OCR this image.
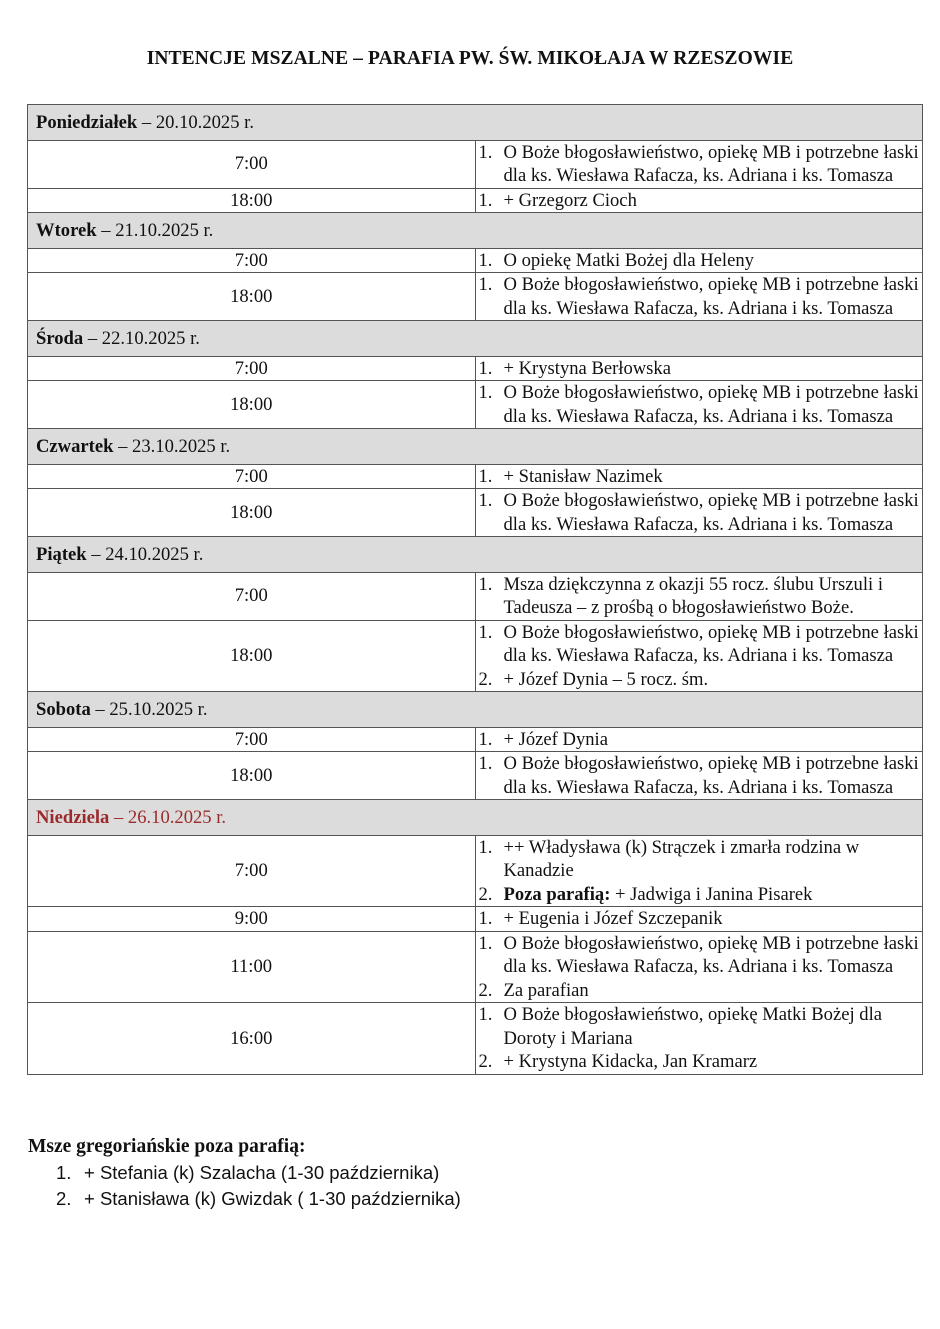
INTENCJE MSZALNE – PARAFIA PW. ŚW. MIKOŁAJA W RZESZOWIE
Poniedziałek – 20.10.2025 r.	
7:00	1. O Boże błogosławieństwo, opiekę MB i potrzebne łaski dla ks. Wiesława Rafacza, ks. Adriana i ks. Tomasza

18:00	1. + Grzegorz Cioch

Wtorek – 21.10.2025 r.	
7:00	1. O opiekę Matki Bożej dla Heleny

18:00	1. O Boże błogosławieństwo, opiekę MB i potrzebne łaski dla ks. Wiesława Rafacza, ks. Adriana i ks. Tomasza

Środa – 22.10.2025 r.	
7:00	1. + Krystyna Berłowska

18:00	1. O Boże błogosławieństwo, opiekę MB i potrzebne łaski dla ks. Wiesława Rafacza, ks. Adriana i ks. Tomasza

Czwartek – 23.10.2025 r.	
7:00	1. + Stanisław Nazimek

18:00	1. O Boże błogosławieństwo, opiekę MB i potrzebne łaski dla ks. Wiesława Rafacza, ks. Adriana i ks. Tomasza

Piątek – 24.10.2025 r.	
7:00	1. Msza dziękczynna z okazji 55 rocz. ślubu Urszuli i Tadeusza – z prośbą o błogosławieństwo Boże.

18:00	1. O Boże błogosławieństwo, opiekę MB i potrzebne łaski dla ks. Wiesława Rafacza, ks. Adriana i ks. Tomasza
2. + Józef Dynia – 5 rocz. śm.

Sobota – 25.10.2025 r.	
7:00	1. + Józef Dynia

18:00	1. O Boże błogosławieństwo, opiekę MB i potrzebne łaski dla ks. Wiesława Rafacza, ks. Adriana i ks. Tomasza

Niedziela – 26.10.2025 r.	
7:00	1. ++ Władysława (k) Strączek i zmarła rodzina w Kanadzie
2. Poza parafią: + Jadwiga i Janina Pisarek

9:00	1. + Eugenia i Józef Szczepanik

11:00	1. O Boże błogosławieństwo, opiekę MB i potrzebne łaski dla ks. Wiesława Rafacza, ks. Adriana i ks. Tomasza
2. Za parafian

16:00	1. O Boże błogosławieństwo, opiekę Matki Bożej dla Doroty i Mariana
2. + Krystyna Kidacka, Jan Kramarz
Msze gregoriańskie poza parafią:
1. + Stefania (k) Szalacha (1-30 października)
2. + Stanisława (k) Gwizdak ( 1-30 października)
